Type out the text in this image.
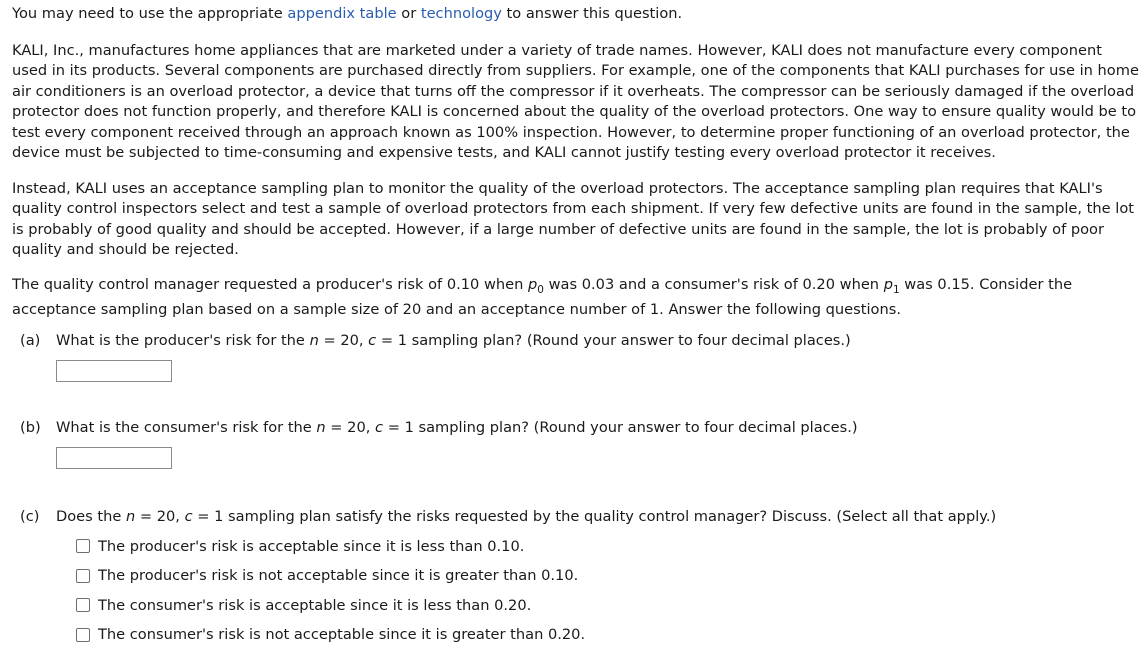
You may need to use the appropriate appendix table or technology to answer this question.

KALI, Inc., manufactures home appliances that are marketed under a variety of trade names. However, KALI does not manufacture every component used in its products. Several components are purchased directly from suppliers. For example, one of the components that KALI purchases for use in home air conditioners is an overload protector, a device that turns off the compressor if it overheats. The compressor can be seriously damaged if the overload protector does not function properly, and therefore KALI is concerned about the quality of the overload protectors. One way to ensure quality would be to test every component received through an approach known as 100% inspection. However, to determine proper functioning of an overload protector, the device must be subjected to time-consuming and expensive tests, and KALI cannot justify testing every overload protector it receives.

Instead, KALI uses an acceptance sampling plan to monitor the quality of the overload protectors. The acceptance sampling plan requires that KALI's quality control inspectors select and test a sample of overload protectors from each shipment. If very few defective units are found in the sample, the lot is probably of good quality and should be accepted. However, if a large number of defective units are found in the sample, the lot is probably of poor quality and should be rejected.

The quality control manager requested a producer's risk of 0.10 when $p_0$ was 0.03 and a consumer's risk of 0.20 when $p_1$ was 0.15. Consider the acceptance sampling plan based on a sample size of 20 and an acceptance number of 1. Answer the following questions.

(a)	What is the producer's risk for the n = 20, c = 1 sampling plan? (Round your answer to four decimal places.)
(b)	What is the consumer's risk for the n = 20, c = 1 sampling plan? (Round your answer to four decimal places.)
(c)	Does the n = 20, c = 1 sampling plan satisfy the risks requested by the quality control manager? Discuss. (Select all that apply.)
The producer's risk is acceptable since it is less than 0.10.
The producer's risk is not acceptable since it is greater than 0.10.
The consumer's risk is acceptable since it is less than 0.20.
The consumer's risk is not acceptable since it is greater than 0.20.
